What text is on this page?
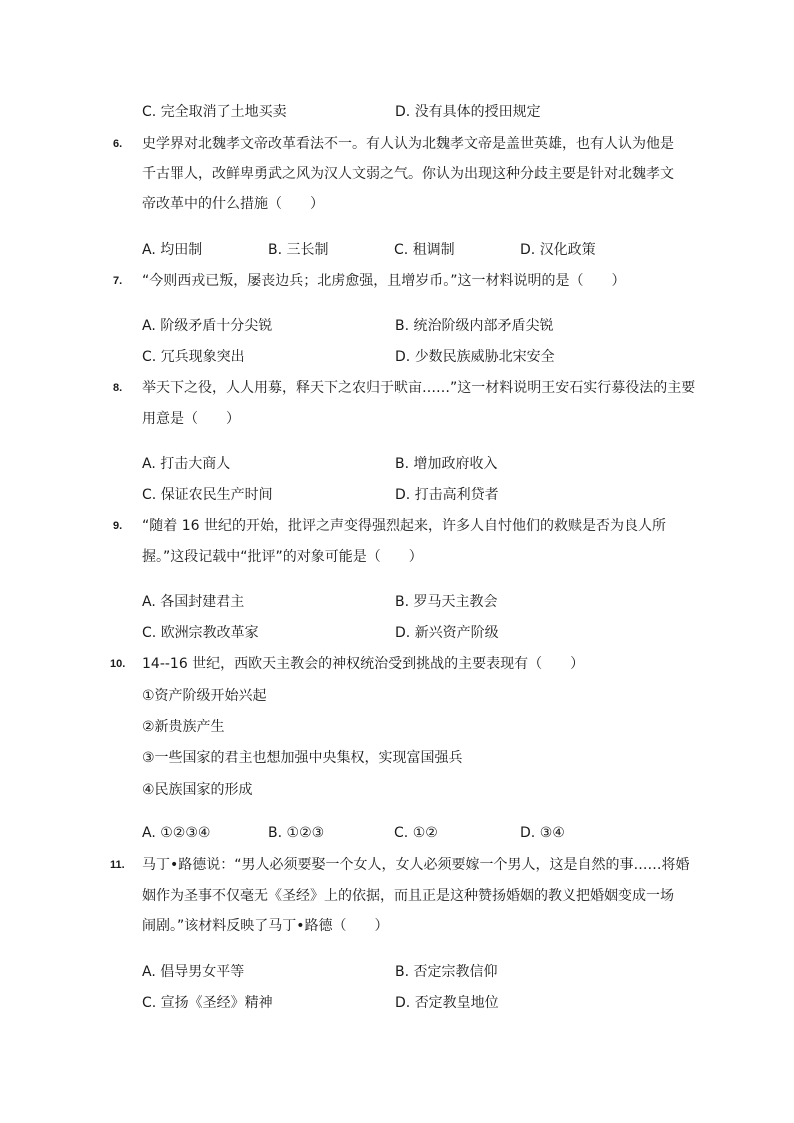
C. 完全取消了土地买卖	D. 没有具体的授田规定
6. 史学界对北魏孝文帝改革看法不一。有人认为北魏孝文帝是盖世英雄，也有人认为他是
千古罪人，改鲜卑勇武之风为汉人文弱之气。你认为出现这种分歧主要是针对北魏孝文
帝改革中的什么措施（　　）
A. 均田制	B. 三长制	C. 租调制	D. 汉化政策
7. “今则西戎已叛，屡丧边兵；北虏愈强，且增岁币。”这一材料说明的是（　　）
A. 阶级矛盾十分尖锐	B. 统治阶级内部矛盾尖锐
C. 冗兵现象突出	D. 少数民族威胁北宋安全
8. 举天下之役，人人用募，释天下之农归于畎亩……”这一材料说明王安石实行募役法的主要
用意是（　　）
A. 打击大商人	B. 增加政府收入
C. 保证农民生产时间	D. 打击高利贷者
9. “随着 16 世纪的开始，批评之声变得强烈起来，许多人自忖他们的救赎是否为良人所
握。”这段记载中“批评”的对象可能是（　　）
A. 各国封建君主	B. 罗马天主教会
C. 欧洲宗教改革家	D. 新兴资产阶级
10. 14--16 世纪，西欧天主教会的神权统治受到挑战的主要表现有（　　）
①资产阶级开始兴起
②新贵族产生
③一些国家的君主也想加强中央集权，实现富国强兵
④民族国家的形成
A. ①②③④	B. ①②③	C. ①②	D. ③④
11. 马丁•路德说：“男人必须要娶一个女人，女人必须要嫁一个男人，这是自然的事……将婚
姻作为圣事不仅毫无《圣经》上的依据，而且正是这种赞扬婚姻的教义把婚姻变成一场
闹剧。”该材料反映了马丁•路德（　　）
A. 倡导男女平等	B. 否定宗教信仰
C. 宣扬《圣经》精神	D. 否定教皇地位
